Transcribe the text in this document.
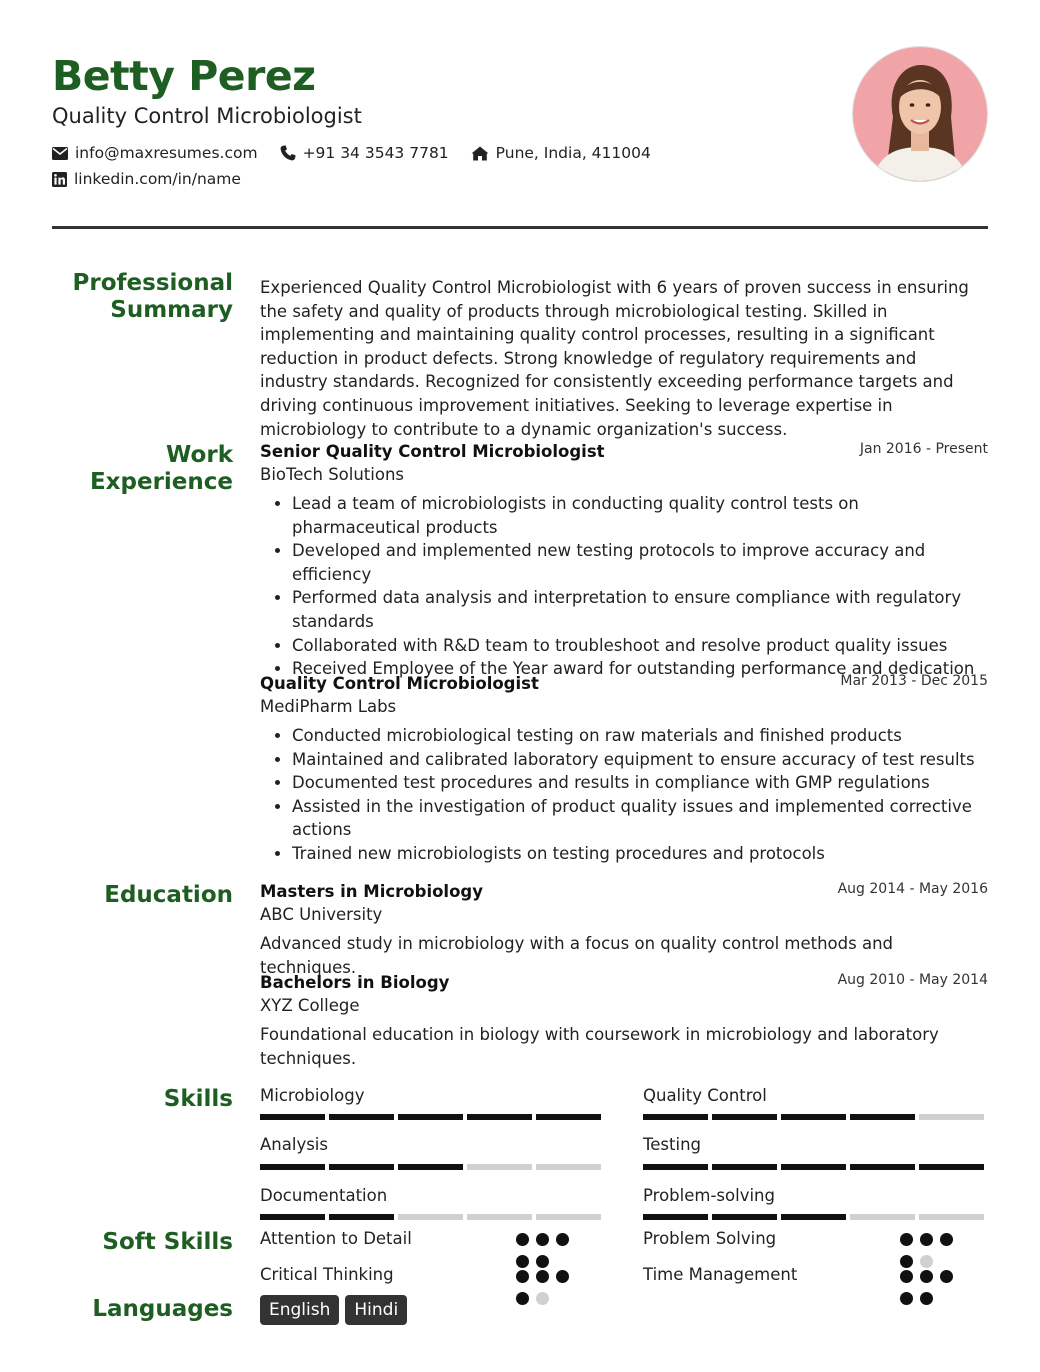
Betty Perez
Quality Control Microbiologist
info@maxresumes.com	+91 34 3543 7781	Pune, India, 411004
linkedin.com/in/name
Professional Summary
Experienced Quality Control Microbiologist with 6 years of proven success in ensuring the safety and quality of products through microbiological testing. Skilled in implementing and maintaining quality control processes, resulting in a significant reduction in product defects. Strong knowledge of regulatory requirements and industry standards. Recognized for consistently exceeding performance targets and driving continuous improvement initiatives. Seeking to leverage expertise in microbiology to contribute to a dynamic organization's success.
Work Experience
Jan 2016 - Present
Senior Quality Control Microbiologist
BioTech Solutions
• Lead a team of microbiologists in conducting quality control tests on pharmaceutical products
• Developed and implemented new testing protocols to improve accuracy and efficiency
• Performed data analysis and interpretation to ensure compliance with regulatory standards
• Collaborated with R&D team to troubleshoot and resolve product quality issues
• Received Employee of the Year award for outstanding performance and dedication
Mar 2013 - Dec 2015
Quality Control Microbiologist
MediPharm Labs
• Conducted microbiological testing on raw materials and finished products
• Maintained and calibrated laboratory equipment to ensure accuracy of test results
• Documented test procedures and results in compliance with GMP regulations
• Assisted in the investigation of product quality issues and implemented corrective actions
• Trained new microbiologists on testing procedures and protocols
Education	Aug 2014 - May 2016
Masters in Microbiology
ABC University
Advanced study in microbiology with a focus on quality control methods and techniques.
Aug 2010 - May 2014
Bachelors in Biology
XYZ College
Foundational education in biology with coursework in microbiology and laboratory techniques.
Skills Microbiology	Quality Control
Analysis	Testing
Documentation	Problem-solving
Soft Skills Attention to Detail	Problem Solving
Critical Thinking	Time Management
Languages	English	Hindi
